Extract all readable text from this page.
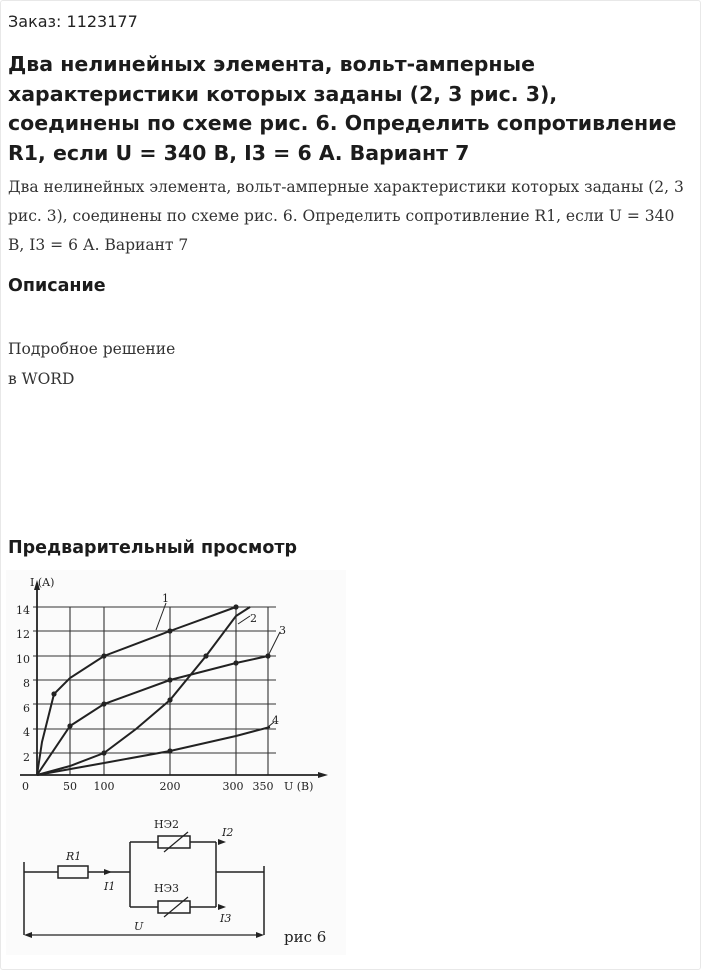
Заказ: 1123177
Два нелинейных элемента, вольт-амперные характеристики которых заданы (2, 3 рис. 3), соединены по схеме рис. 6. Определить сопротивление R1, если U = 340 В, I3 = 6 А. Вариант 7
Два нелинейных элемента, вольт-амперные характеристики которых заданы (2, 3 рис. 3), соединены по схеме рис. 6. Определить сопротивление R1, если U = 340 В, I3 = 6 А. Вариант 7
Описание
Подробное решение
в WORD
Предварительный просмотр
I (A)
2
4
6
8
10
12
14
0	50 100	200	300 350 U (B)
1
2
3
4
R1
I1
НЭ2
I2
НЭ3
I3
U
рис 6
